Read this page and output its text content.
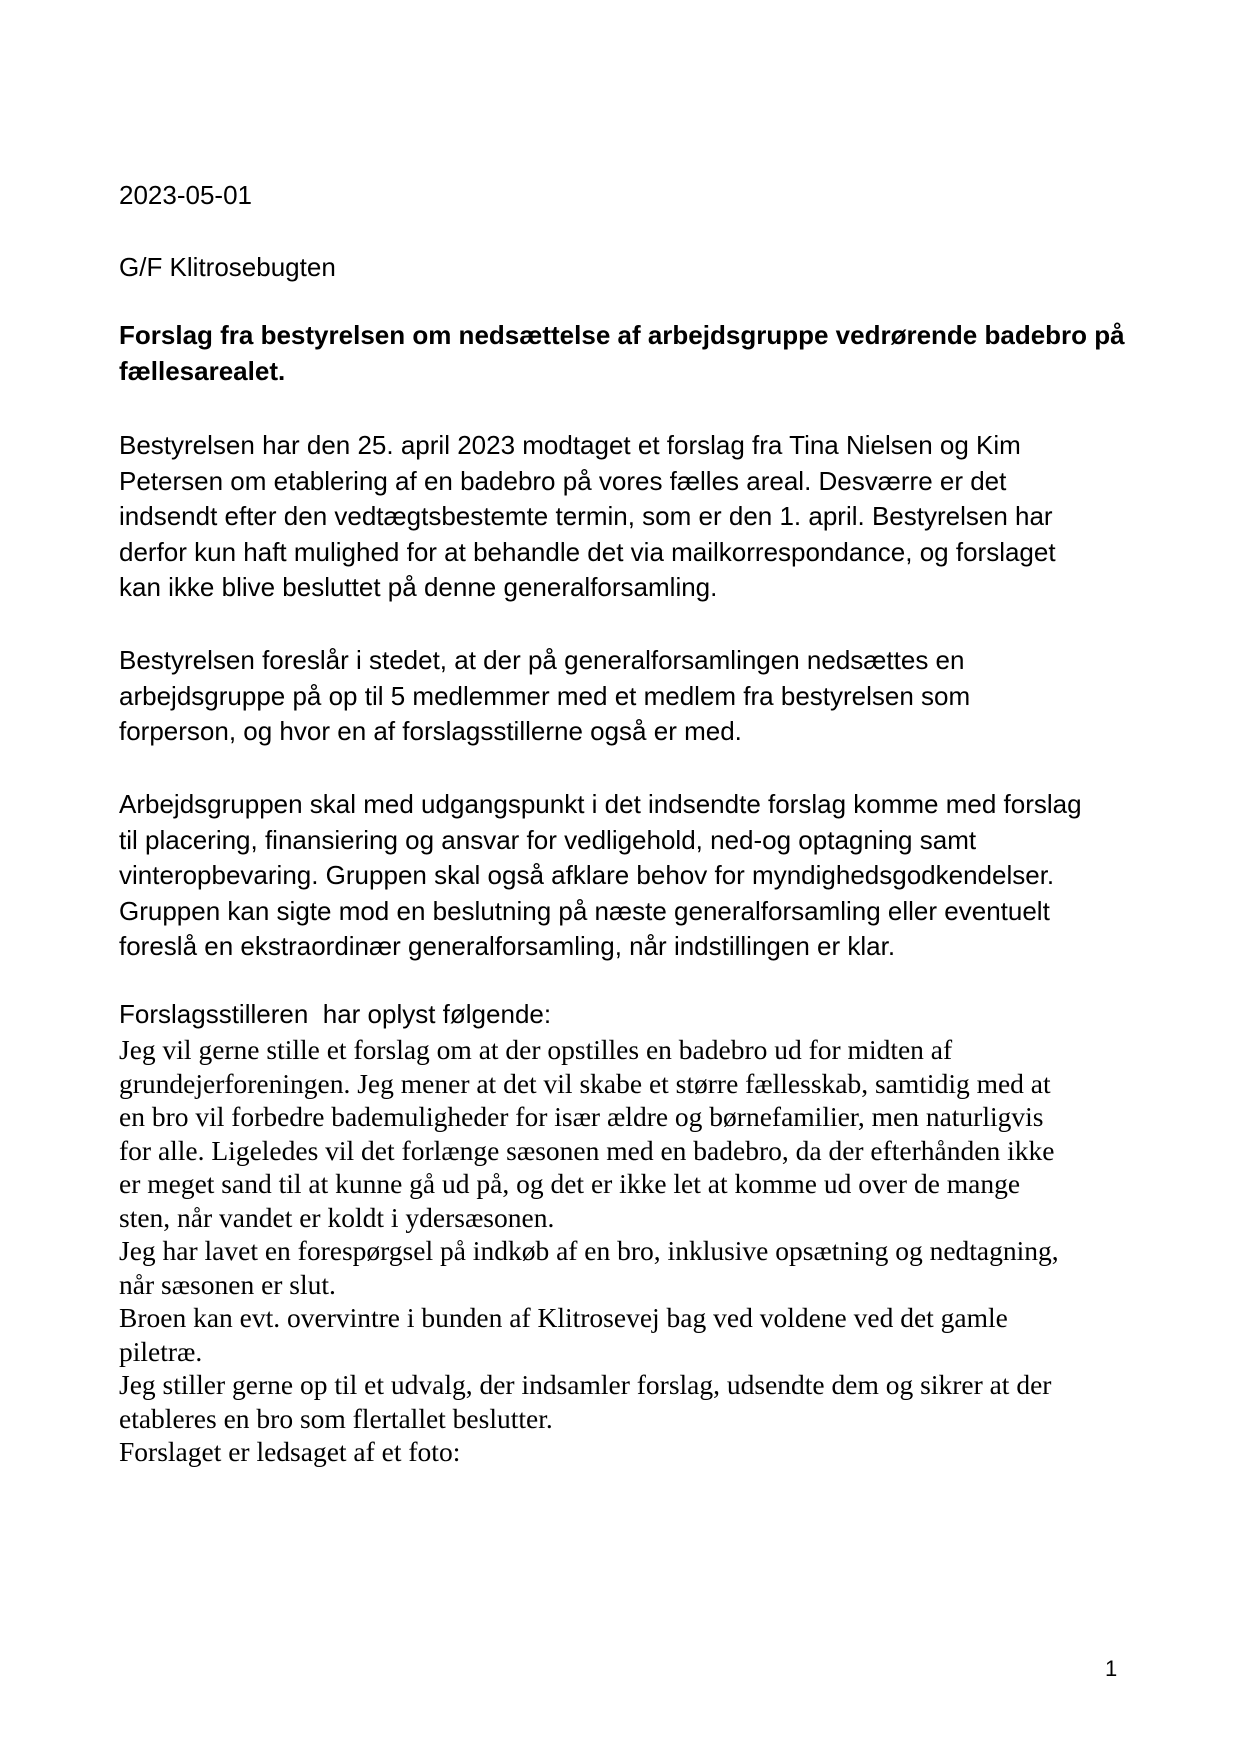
2023-05-01

G/F Klitrosebugten

Forslag fra bestyrelsen om nedsættelse af arbejdsgruppe vedrørende badebro på
fællesarealet.
Bestyrelsen har den 25. april 2023 modtaget et forslag fra Tina Nielsen og Kim
Petersen om etablering af en badebro på vores fælles areal. Desværre er det
indsendt efter den vedtægtsbestemte termin, som er den 1. april. Bestyrelsen har
derfor kun haft mulighed for at behandle det via mailkorrespondance, og forslaget
kan ikke blive besluttet på denne generalforsamling.
Bestyrelsen foreslår i stedet, at der på generalforsamlingen nedsættes en
arbejdsgruppe på op til 5 medlemmer med et medlem fra bestyrelsen som
forperson, og hvor en af forslagsstillerne også er med.
Arbejdsgruppen skal med udgangspunkt i det indsendte forslag komme med forslag
til placering, finansiering og ansvar for vedligehold, ned-og optagning samt
vinteropbevaring. Gruppen skal også afklare behov for myndighedsgodkendelser.
Gruppen kan sigte mod en beslutning på næste generalforsamling eller eventuelt
foreslå en ekstraordinær generalforsamling, når indstillingen er klar.

Forslagsstilleren  har oplyst følgende:

Jeg vil gerne stille et forslag om at der opstilles en badebro ud for midten af
grundejerforeningen. Jeg mener at det vil skabe et større fællesskab, samtidig med at
en bro vil forbedre bademuligheder for især ældre og børnefamilier, men naturligvis
for alle. Ligeledes vil det forlænge sæsonen med en badebro, da der efterhånden ikke
er meget sand til at kunne gå ud på, og det er ikke let at komme ud over de mange
sten, når vandet er koldt i ydersæsonen.
Jeg har lavet en forespørgsel på indkøb af en bro, inklusive opsætning og nedtagning,
når sæsonen er slut.
Broen kan evt. overvintre i bunden af Klitrosevej bag ved voldene ved det gamle
piletræ.
Jeg stiller gerne op til et udvalg, der indsamler forslag, udsendte dem og sikrer at der
etableres en bro som flertallet beslutter.
Forslaget er ledsaget af et foto:
1
